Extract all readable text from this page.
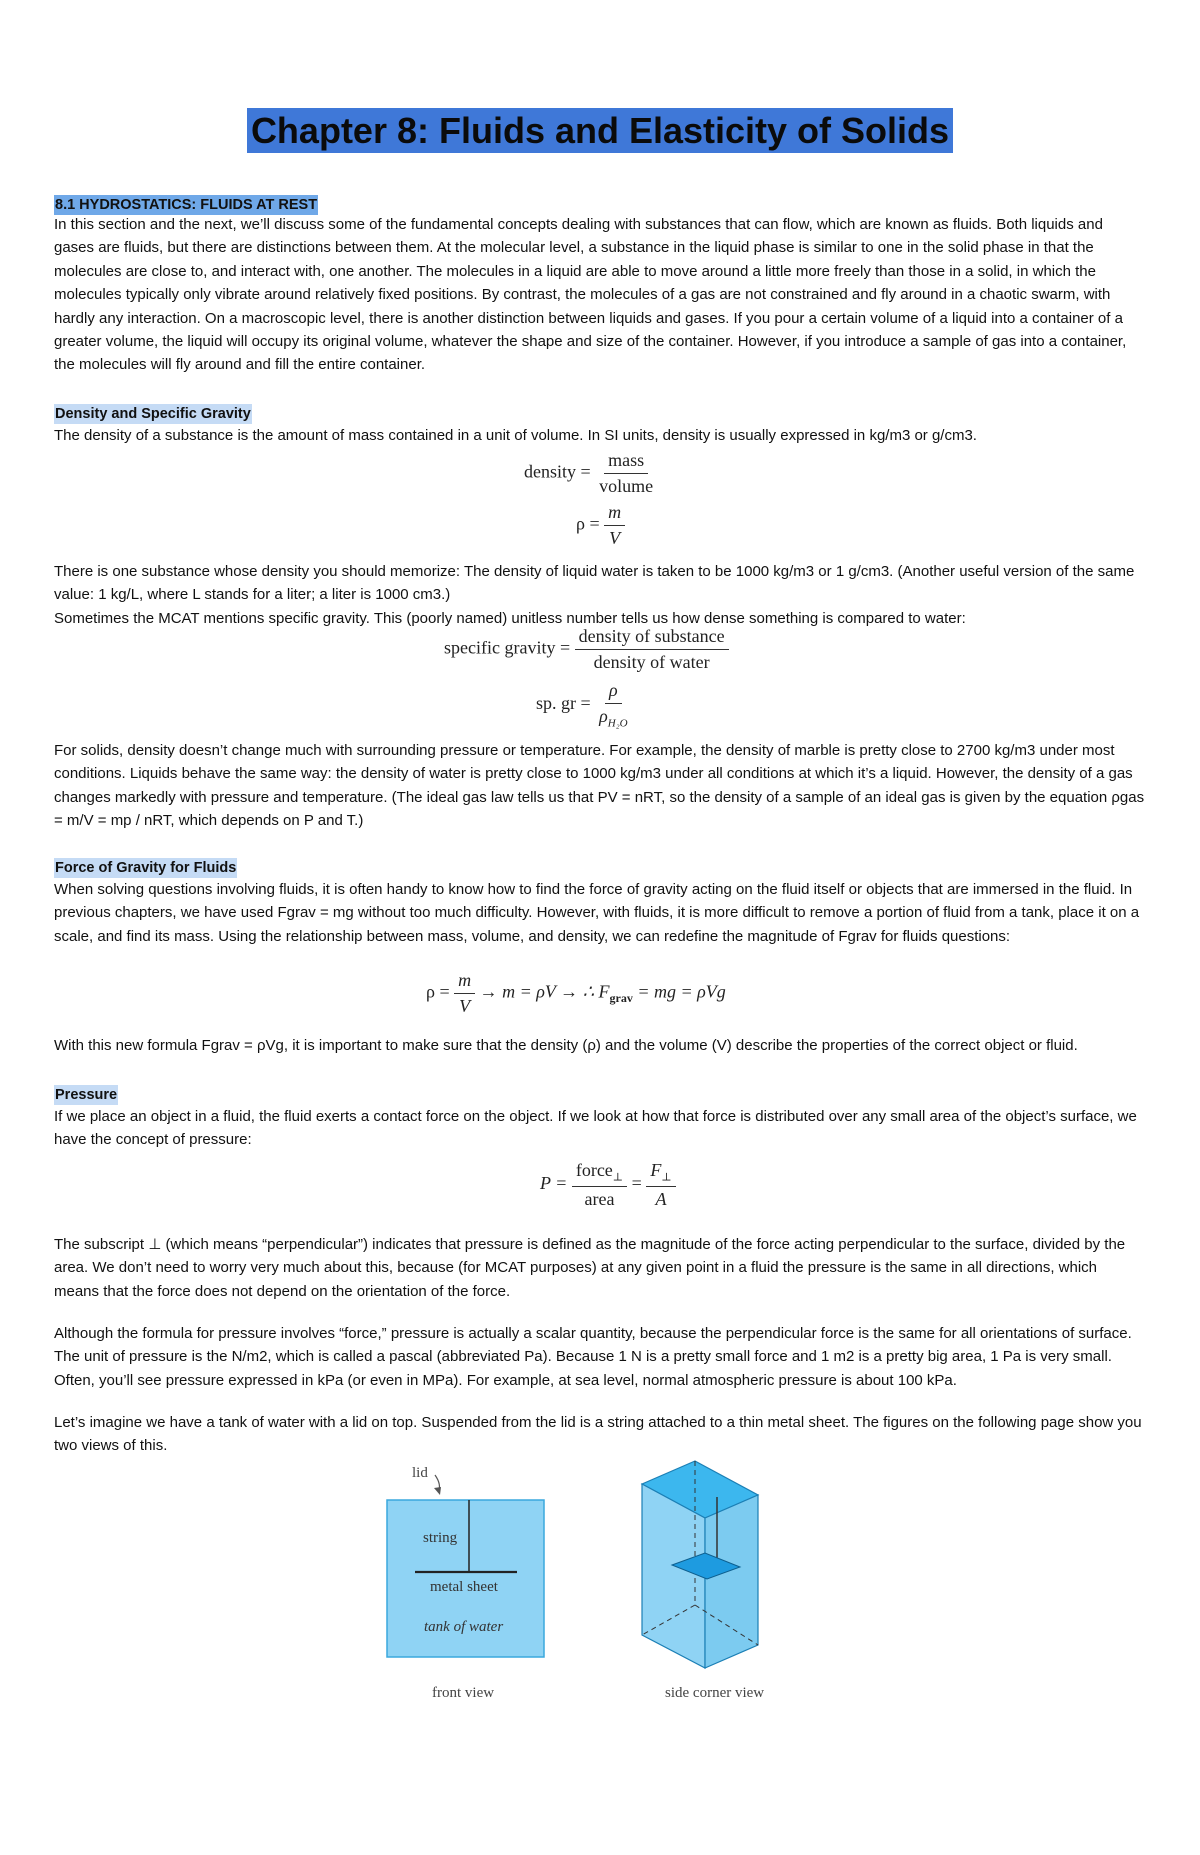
Chapter 8: Fluids and Elasticity of Solids
8.1 HYDROSTATICS: FLUIDS AT REST

In this section and the next, we’ll discuss some of the fundamental concepts dealing with substances that can flow, which are known as fluids. Both liquids and gases are fluids, but there are distinctions between them. At the molecular level, a substance in the liquid phase is similar to one in the solid phase in that the molecules are close to, and interact with, one another. The molecules in a liquid are able to move around a little more freely than those in a solid, in which the molecules typically only vibrate around relatively fixed positions. By contrast, the molecules of a gas are not constrained and fly around in a chaotic swarm, with hardly any interaction. On a macroscopic level, there is another distinction between liquids and gases. If you pour a certain volume of a liquid into a container of a greater volume, the liquid will occupy its original volume, whatever the shape and size of the container. However, if you introduce a sample of gas into a container, the molecules will fly around and fill the entire container.

Density and Specific Gravity

The density of a substance is the amount of mass contained in a unit of volume. In SI units, density is usually expressed in kg/m3 or g/cm3.

density = $\frac{\text{mass}}{\text{volume}}$
$\rho = \frac{m}{V}$

There is one substance whose density you should memorize: The density of liquid water is taken to be 1000 kg/m3 or 1 g/cm3. (Another useful version of the same value: 1 kg/L, where L stands for a liter; a liter is 1000 cm3.)

Sometimes the MCAT mentions specific gravity. This (poorly named) unitless number tells us how dense something is compared to water:

specific gravity = $\frac{\text{density of substance}}{\text{density of water}}$
sp. gr = $\frac{\rho}{\rho_{H_2O}}$

For solids, density doesn’t change much with surrounding pressure or temperature. For example, the density of marble is pretty close to 2700 kg/m3 under most conditions. Liquids behave the same way: the density of water is pretty close to 1000 kg/m3 under all conditions at which it’s a liquid. However, the density of a gas changes markedly with pressure and temperature. (The ideal gas law tells us that PV = nRT, so the density of a sample of an ideal gas is given by the equation ρgas = m/V = mp / nRT, which depends on P and T.)

Force of Gravity for Fluids

When solving questions involving fluids, it is often handy to know how to find the force of gravity acting on the fluid itself or objects that are immersed in the fluid. In previous chapters, we have used Fgrav = mg without too much difficulty. However, with fluids, it is more difficult to remove a portion of fluid from a tank, place it on a scale, and find its mass. Using the relationship between mass, volume, and density, we can redefine the magnitude of Fgrav for fluids questions:

$\rho = \frac{m}{V} \to m = \rho V$ → ∴ $F_{grav}$ = mg = ρVg

With this new formula Fgrav = ρVg, it is important to make sure that the density (ρ) and the volume (V) describe the properties of the correct object or fluid.

Pressure

If we place an object in a fluid, the fluid exerts a contact force on the object. If we look at how that force is distributed over any small area of the object’s surface, we have the concept of pressure:

$P = \frac{force_\perp}{\text{area}} = \frac{F_\perp}{A}$

The subscript ⊥ (which means “perpendicular”) indicates that pressure is defined as the magnitude of the force acting perpendicular to the surface, divided by the area. We don’t need to worry very much about this, because (for MCAT purposes) at any given point in a fluid the pressure is the same in all directions, which means that the force does not depend on the orientation of the force.

Although the formula for pressure involves “force,” pressure is actually a scalar quantity, because the perpendicular force is the same for all orientations of surface. The unit of pressure is the N/m2, which is called a pascal (abbreviated Pa). Because 1 N is a pretty small force and 1 m2 is a pretty big area, 1 Pa is very small. Often, you’ll see pressure expressed in kPa (or even in MPa). For example, at sea level, normal atmospheric pressure is about 100 kPa.

Let’s imagine we have a tank of water with a lid on top. Suspended from the lid is a string attached to a thin metal sheet. The figures on the following page show you two views of this.

lid
string
metal sheet
tank of water
front view	side corner view
